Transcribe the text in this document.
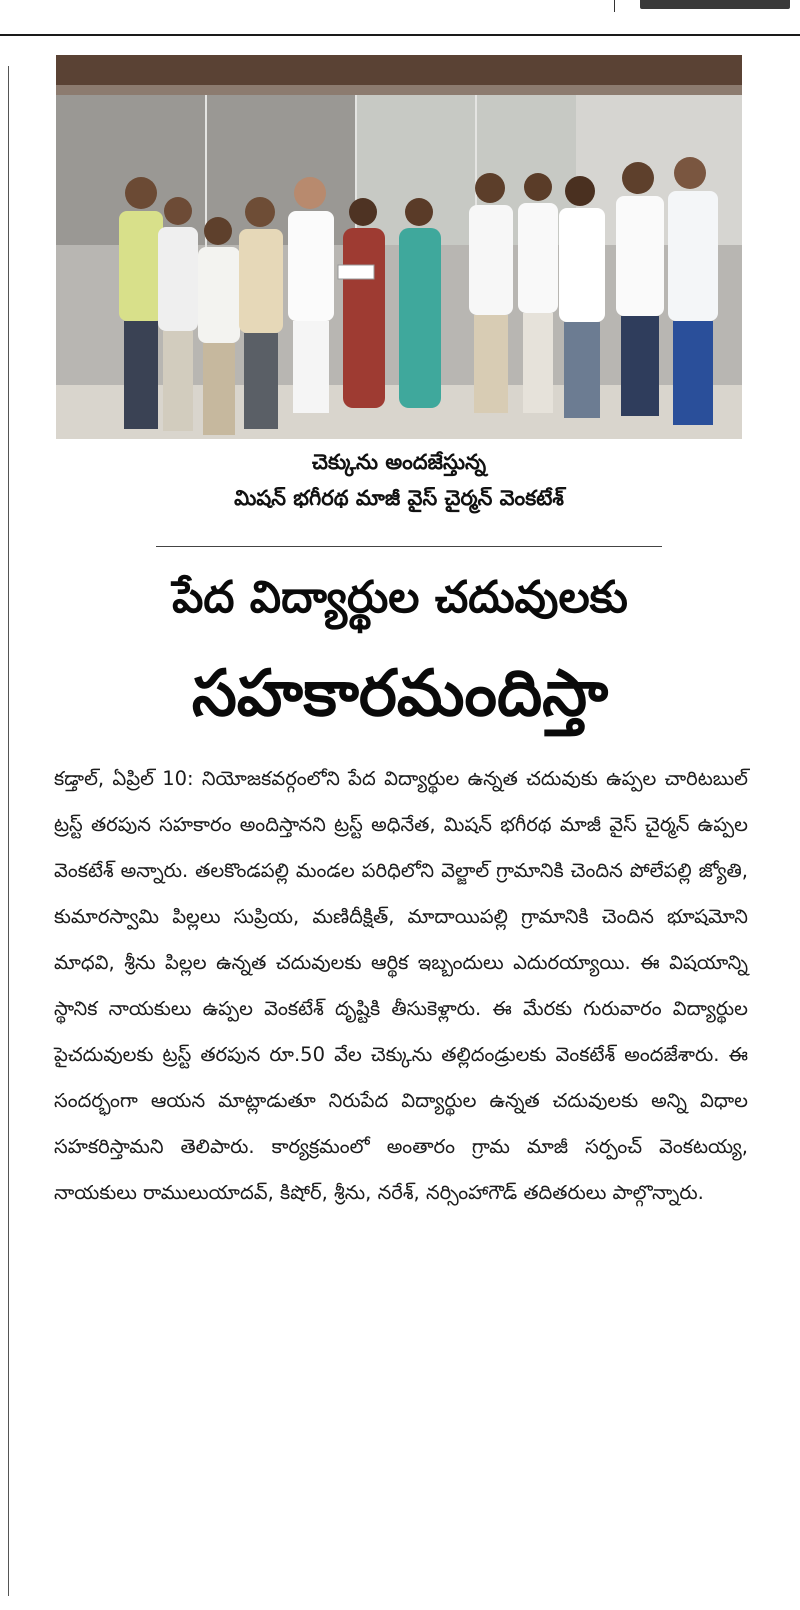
చెక్కును అందజేస్తున్న
మిషన్ భగీరథ మాజీ వైస్ చైర్మన్ వెంకటేశ్
పేద విద్యార్థుల చదువులకు
సహకారమందిస్తా
కడ్తాల్, ఏప్రిల్ 10: నియోజకవర్గంలోని పేద విద్యార్థుల ఉన్నత చదువుకు ఉప్పల చారిటబుల్ ట్రస్ట్ తరపున సహకారం అందిస్తానని ట్రస్ట్ అధినేత, మిషన్ భగీరథ మాజీ వైస్ చైర్మన్ ఉప్పల వెంకటేశ్ అన్నారు. తలకొండపల్లి మండల పరిధిలోని వెల్జాల్ గ్రామానికి చెందిన పోలేపల్లి జ్యోతి, కుమారస్వామి పిల్లలు సుప్రియ, మణిదీక్షిత్, మాదాయిపల్లి గ్రామానికి చెందిన భూషమోని మాధవి, శ్రీను పిల్లల ఉన్నత చదువులకు ఆర్థిక ఇబ్బందులు ఎదురయ్యాయి. ఈ విషయాన్ని స్థానిక నాయకులు ఉప్పల వెంకటేశ్ దృష్టికి తీసుకెళ్లారు. ఈ మేరకు గురువారం విద్యార్థుల పైచదువులకు ట్రస్ట్ తరపున రూ.50 వేల చెక్కును తల్లిదండ్రులకు వెంకటేశ్ అందజేశారు. ఈ సందర్భంగా ఆయన మాట్లాడుతూ నిరుపేద విద్యార్థుల ఉన్నత చదువులకు అన్ని విధాల సహకరిస్తామని తెలిపారు. కార్యక్రమంలో అంతారం గ్రామ మాజీ సర్పంచ్ వెంకటయ్య, నాయకులు రాములుయాదవ్, కిషోర్, శ్రీను, నరేశ్, నర్సింహాగౌడ్ తదితరులు పాల్గొన్నారు.
